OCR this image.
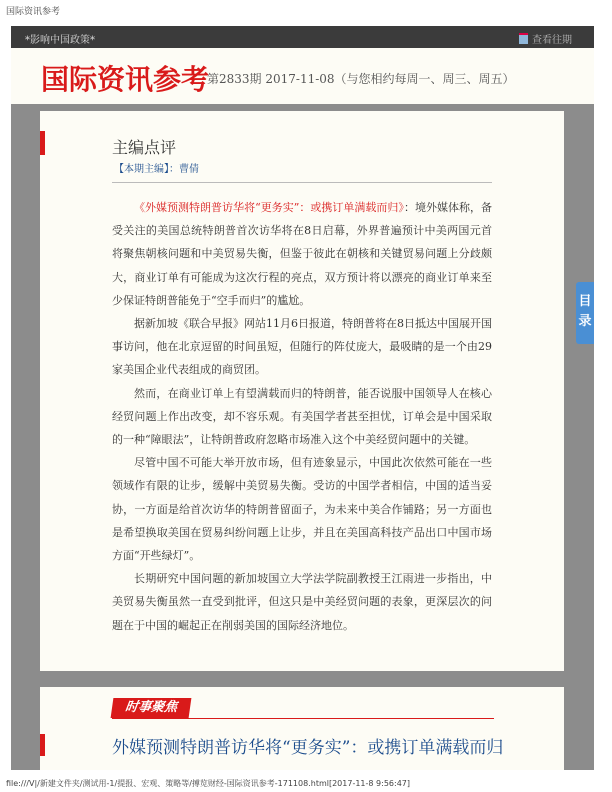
国际资讯参考
*影响中国政策*	查看往期
国际资讯参考
第2833期 2017-11-08（与您相约每周一、周三、周五）
主编点评
【本期主编】：曹倩

《外媒预测特朗普访华将“更务实”：或携订单满载而归》：境外媒体称，备受关注的美国总统特朗普首次访华将在8日启幕，外界普遍预计中美两国元首将聚焦朝核问题和中美贸易失衡，但鉴于彼此在朝核和关键贸易问题上分歧颇大，商业订单有可能成为这次行程的亮点，双方预计将以漂亮的商业订单来至少保证特朗普能免于“空手而归”的尴尬。

据新加坡《联合早报》网站11月6日报道，特朗普将在8日抵达中国展开国事访问，他在北京逗留的时间虽短，但随行的阵仗庞大，最吸睛的是一个由29家美国企业代表组成的商贸团。

然而，在商业订单上有望满载而归的特朗普，能否说服中国领导人在核心经贸问题上作出改变，却不容乐观。有美国学者甚至担忧，订单会是中国采取的一种“障眼法”，让特朗普政府忽略市场准入这个中美经贸问题中的关键。

尽管中国不可能大举开放市场，但有迹象显示，中国此次依然可能在一些领域作有限的让步，缓解中美贸易失衡。受访的中国学者相信，中国的适当妥协，一方面是给首次访华的特朗普留面子，为未来中美合作铺路；另一方面也是希望换取美国在贸易纠纷问题上让步，并且在美国高科技产品出口中国市场方面“开些绿灯”。

长期研究中国问题的新加坡国立大学法学院副教授王江雨进一步指出，中美贸易失衡虽然一直受到批评，但这只是中美经贸问题的表象，更深层次的问题在于中国的崛起正在削弱美国的国际经济地位。

目录
时事聚焦
外媒预测特朗普访华将“更务实”：或携订单满载而归
file:///V|/新建文件夹/测试用-1/提报、宏观、策略等/搏览财经-国际资讯参考-171108.html[2017-11-8 9:56:47]
